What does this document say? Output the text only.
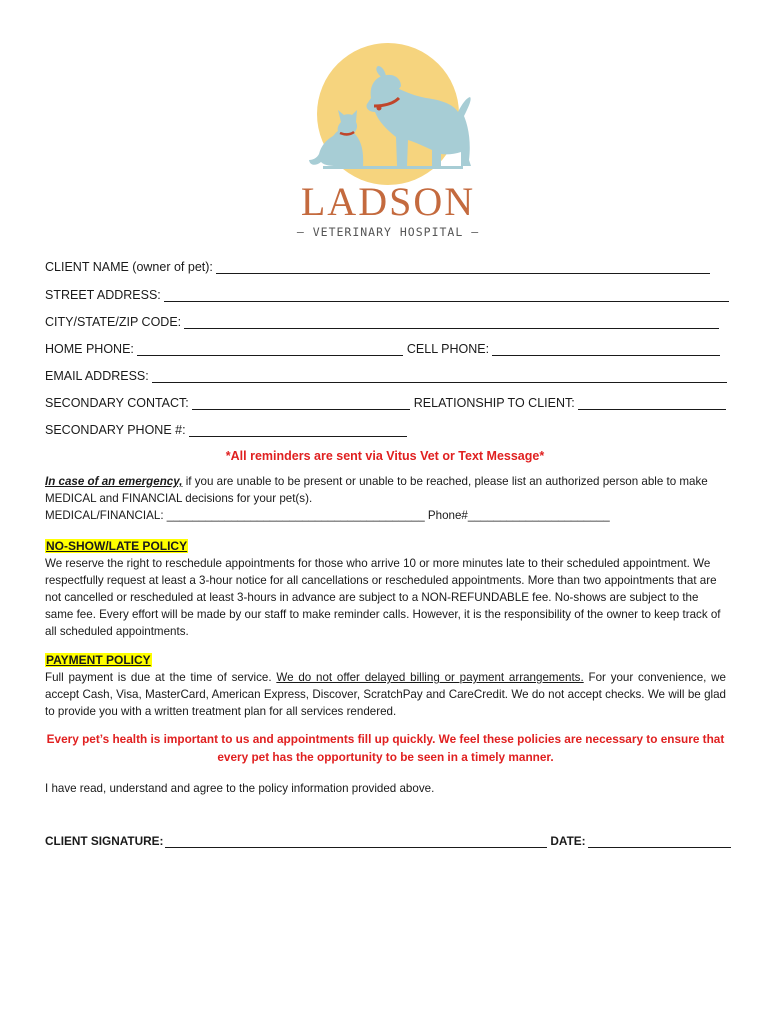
LADSON
— VETERINARY HOSPITAL —
CLIENT NAME (owner of pet):
STREET ADDRESS:
CITY/STATE/ZIP CODE:
HOME PHONE:	CELL PHONE:
EMAIL ADDRESS:
SECONDARY CONTACT:	RELATIONSHIP TO CLIENT:
SECONDARY PHONE #:
*All reminders are sent via Vitus Vet or Text Message*
In case of an emergency, if you are unable to be present or unable to be reached, please list an authorized person able to make MEDICAL and FINANCIAL decisions for your pet(s).
MEDICAL/FINANCIAL: ________________________________________ Phone#______________________
NO-SHOW/LATE POLICY
We reserve the right to reschedule appointments for those who arrive 10 or more minutes late to their scheduled appointment. We respectfully request at least a 3-hour notice for all cancellations or rescheduled appointments. More than two appointments that are not cancelled or rescheduled at least 3-hours in advance are subject to a NON-REFUNDABLE fee. No-shows are subject to the same fee. Every effort will be made by our staff to make reminder calls. However, it is the responsibility of the owner to keep track of all scheduled appointments.
PAYMENT POLICY
Full payment is due at the time of service. We do not offer delayed billing or payment arrangements. For your convenience, we accept Cash, Visa, MasterCard, American Express, Discover, ScratchPay and CareCredit. We do not accept checks. We will be glad to provide you with a written treatment plan for all services rendered.
Every pet’s health is important to us and appointments fill up quickly. We feel these policies are necessary to ensure that every pet has the opportunity to be seen in a timely manner.
I have read, understand and agree to the policy information provided above.
CLIENT SIGNATURE:	DATE:
